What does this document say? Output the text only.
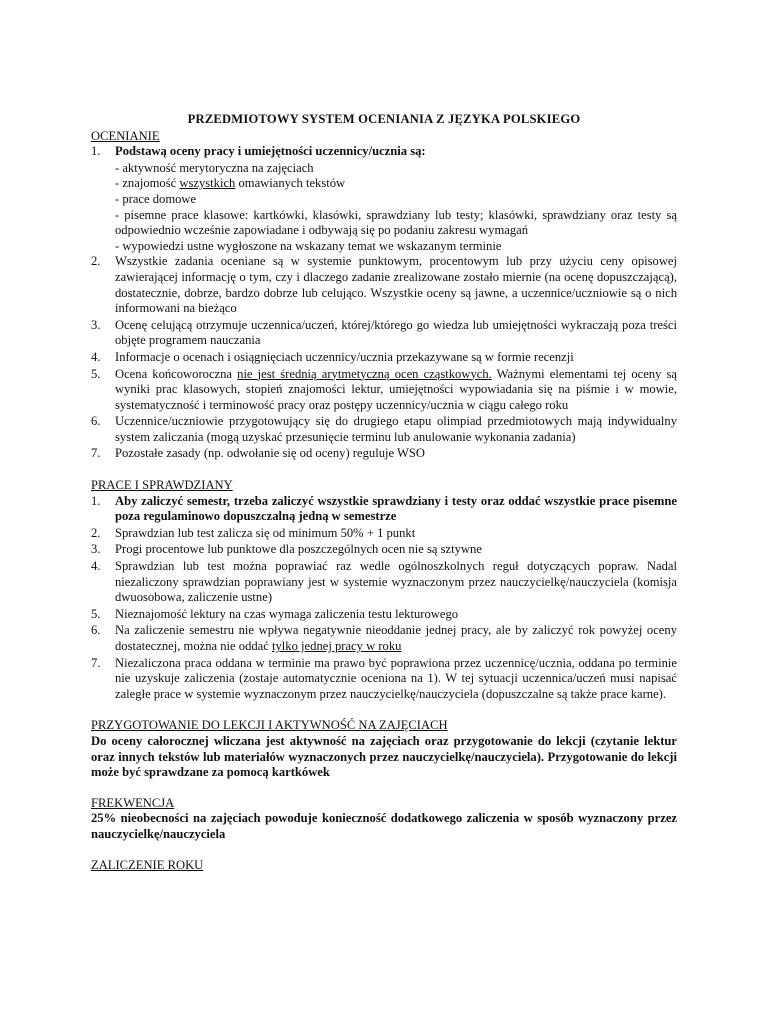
PRZEDMIOTOWY SYSTEM OCENIANIA Z JĘZYKA POLSKIEGO

OCENIANIE

1. Podstawą oceny pracy i umiejętności uczennicy/ucznia są:

- aktywność merytoryczna na zajęciach

- znajomość wszystkich omawianych tekstów

- prace domowe

- pisemne prace klasowe: kartkówki, klasówki, sprawdziany lub testy; klasówki, sprawdziany oraz testy są odpowiednio wcześnie zapowiadane i odbywają się po podaniu zakresu wymagań

- wypowiedzi ustne wygłoszone na wskazany temat we wskazanym terminie

2. Wszystkie zadania oceniane są w systemie punktowym, procentowym lub przy użyciu ceny opisowej zawierającej informację o tym, czy i dlaczego zadanie zrealizowane zostało miernie (na ocenę dopuszczającą), dostatecznie, dobrze, bardzo dobrze lub celująco. Wszystkie oceny są jawne, a uczennice/uczniowie są o nich informowani na bieżąco
3. Ocenę celującą otrzymuje uczennica/uczeń, której/którego go wiedza lub umiejętności wykraczają poza treści objęte programem nauczania
4. Informacje o ocenach i osiągnięciach uczennicy/ucznia przekazywane są w formie recenzji
5. Ocena końcoworoczna nie jest średnią arytmetyczną ocen cząstkowych. Ważnymi elementami tej oceny są wyniki prac klasowych, stopień znajomości lektur, umiejętności wypowiadania się na piśmie i w mowie, systematyczność i terminowość pracy oraz postępy uczennicy/ucznia w ciągu całego roku
6. Uczennice/uczniowie przygotowujący się do drugiego etapu olimpiad przedmiotowych mają indywidualny system zaliczania (mogą uzyskać przesunięcie terminu lub anulowanie wykonania zadania)
7. Pozostałe zasady (np. odwołanie się od oceny) reguluje WSO

PRACE I SPRAWDZIANY

1. Aby zaliczyć semestr, trzeba zaliczyć wszystkie sprawdziany i testy oraz oddać wszystkie prace pisemne poza regulaminowo dopuszczalną jedną w semestrze
2. Sprawdzian lub test zalicza się od minimum 50% + 1 punkt
3. Progi procentowe lub punktowe dla poszczególnych ocen nie są sztywne
4. Sprawdzian lub test można poprawiać raz wedle ogólnoszkolnych reguł dotyczących popraw. Nadal niezaliczony sprawdzian poprawiany jest w systemie wyznaczonym przez nauczycielkę/nauczyciela (komisja dwuosobowa, zaliczenie ustne)
5. Nieznajomość lektury na czas wymaga zaliczenia testu lekturowego
6. Na zaliczenie semestru nie wpływa negatywnie nieoddanie jednej pracy, ale by zaliczyć rok powyżej oceny dostatecznej, można nie oddać tylko jednej pracy w roku
7. Niezaliczona praca oddana w terminie ma prawo być poprawiona przez uczennicę/ucznia, oddana po terminie nie uzyskuje zaliczenia (zostaje automatycznie oceniona na 1). W tej sytuacji uczennica/uczeń musi napisać zaległe prace w systemie wyznaczonym przez nauczycielkę/nauczyciela (dopuszczalne są także prace karne).

PRZYGOTOWANIE DO LEKCJI I AKTYWNOŚĆ NA ZAJĘCIACH

Do oceny całorocznej wliczana jest aktywność na zajęciach oraz przygotowanie do lekcji (czytanie lektur oraz innych tekstów lub materiałów wyznaczonych przez nauczycielkę/nauczyciela). Przygotowanie do lekcji może być sprawdzane za pomocą kartkówek

FREKWENCJA

25% nieobecności na zajęciach powoduje konieczność dodatkowego zaliczenia w sposób wyznaczony przez nauczycielkę/nauczyciela

ZALICZENIE ROKU
